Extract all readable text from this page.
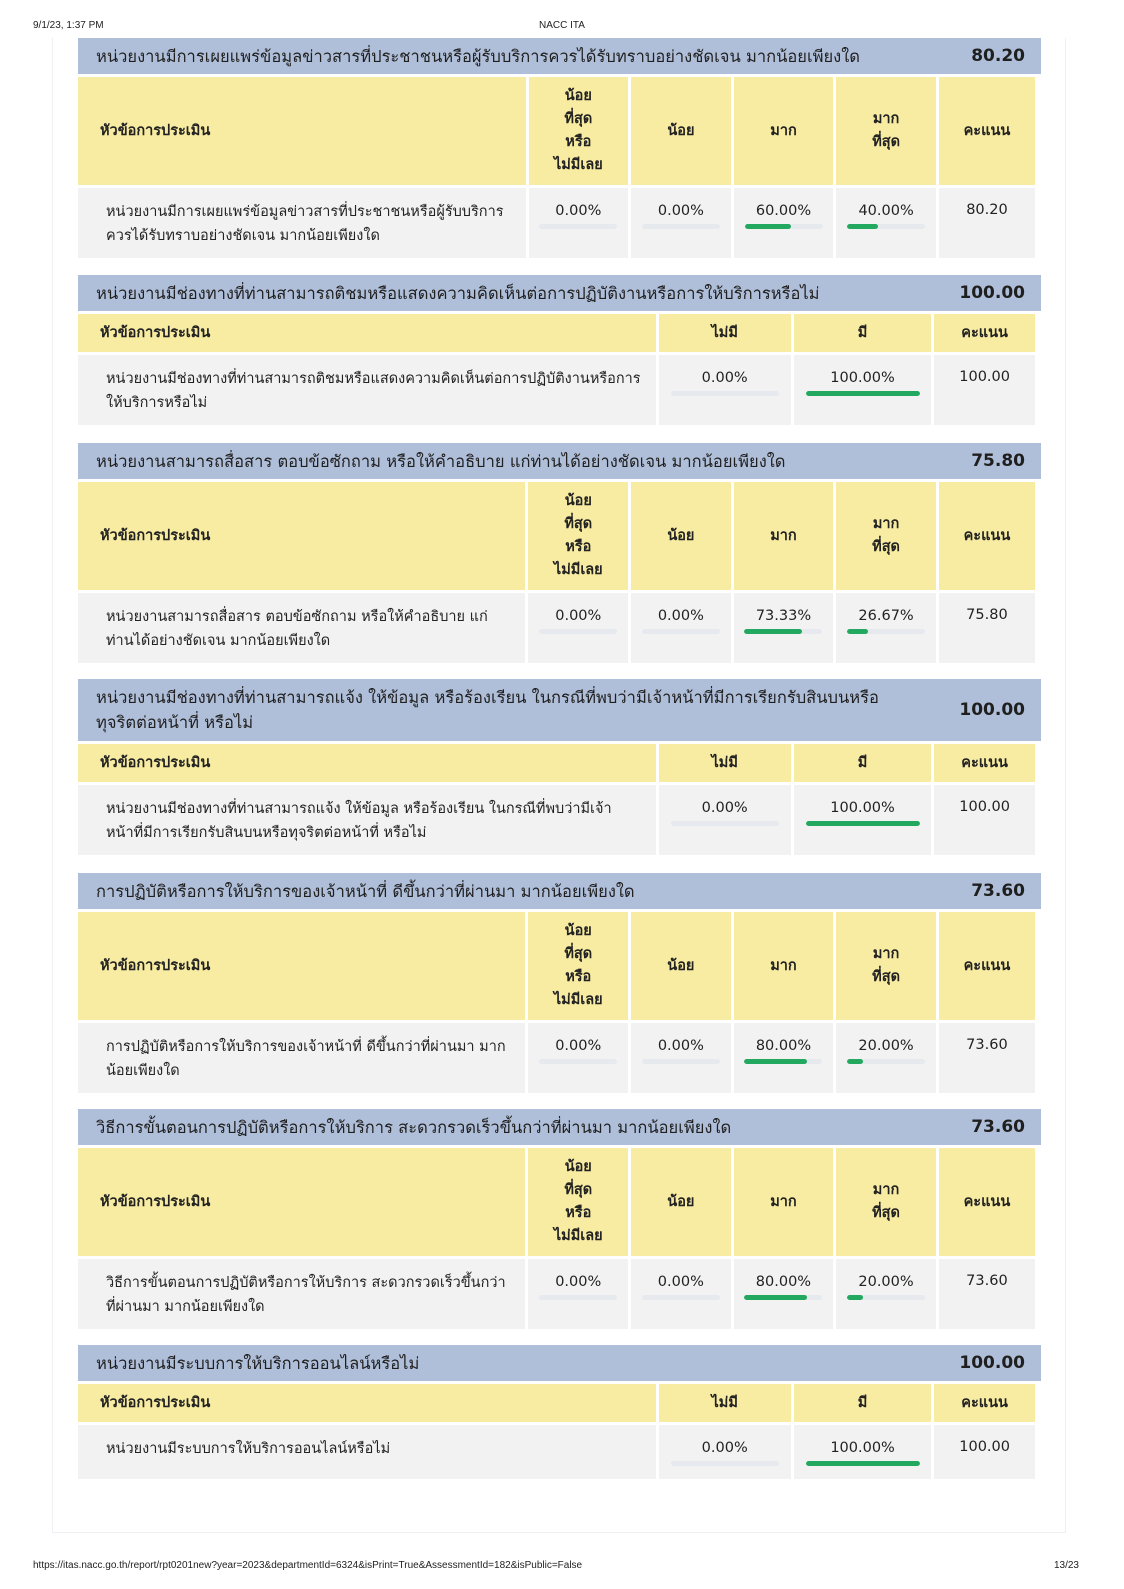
9/1/23, 1:37 PM	NACC ITA
หน่วยงานมีการเผยแพร่ข้อมูลข่าวสารที่ประชาชนหรือผู้รับบริการควรได้รับทราบอย่างชัดเจน มากน้อยเพียงใด	80.20
หัวข้อการประเมิน	น้อย
ที่สุด
หรือ
ไม่มีเลย	น้อย	มาก	มาก
ที่สุด	คะแนน
หน่วยงานมีการเผยแพร่ข้อมูลข่าวสารที่ประชาชนหรือผู้รับบริการควรได้รับทราบอย่างชัดเจน มากน้อยเพียงใด	0.00%	0.00%	60.00%	40.00%	80.20
หน่วยงานมีช่องทางที่ท่านสามารถติชมหรือแสดงความคิดเห็นต่อการปฏิบัติงานหรือการให้บริการหรือไม่	100.00
หัวข้อการประเมิน	ไม่มี	มี	คะแนน
หน่วยงานมีช่องทางที่ท่านสามารถติชมหรือแสดงความคิดเห็นต่อการปฏิบัติงานหรือการให้บริการหรือไม่	0.00%	100.00%	100.00
หน่วยงานสามารถสื่อสาร ตอบข้อซักถาม หรือให้คำอธิบาย แก่ท่านได้อย่างชัดเจน มากน้อยเพียงใด	75.80
หัวข้อการประเมิน	น้อย
ที่สุด
หรือ
ไม่มีเลย	น้อย	มาก	มาก
ที่สุด	คะแนน
หน่วยงานสามารถสื่อสาร ตอบข้อซักถาม หรือให้คำอธิบาย แก่ท่านได้อย่างชัดเจน มากน้อยเพียงใด	0.00%	0.00%	73.33%	26.67%	75.80
หน่วยงานมีช่องทางที่ท่านสามารถแจ้ง ให้ข้อมูล หรือร้องเรียน ในกรณีที่พบว่ามีเจ้าหน้าที่มีการเรียกรับสินบนหรือทุจริตต่อหน้าที่ หรือไม่
100.00
หัวข้อการประเมิน	ไม่มี	มี	คะแนน
หน่วยงานมีช่องทางที่ท่านสามารถแจ้ง ให้ข้อมูล หรือร้องเรียน ในกรณีที่พบว่ามีเจ้าหน้าที่มีการเรียกรับสินบนหรือทุจริตต่อหน้าที่ หรือไม่	0.00%	100.00%	100.00
การปฏิบัติหรือการให้บริการของเจ้าหน้าที่ ดีขึ้นกว่าที่ผ่านมา มากน้อยเพียงใด	73.60
หัวข้อการประเมิน	น้อย
ที่สุด
หรือ
ไม่มีเลย	น้อย	มาก	มาก
ที่สุด	คะแนน
การปฏิบัติหรือการให้บริการของเจ้าหน้าที่ ดีขึ้นกว่าที่ผ่านมา มากน้อยเพียงใด	0.00%	0.00%	80.00%	20.00%	73.60
วิธีการขั้นตอนการปฏิบัติหรือการให้บริการ สะดวกรวดเร็วขึ้นกว่าที่ผ่านมา มากน้อยเพียงใด	73.60
หัวข้อการประเมิน	น้อย
ที่สุด
หรือ
ไม่มีเลย	น้อย	มาก	มาก
ที่สุด	คะแนน
วิธีการขั้นตอนการปฏิบัติหรือการให้บริการ สะดวกรวดเร็วขึ้นกว่าที่ผ่านมา มากน้อยเพียงใด	0.00%	0.00%	80.00%	20.00%	73.60
หน่วยงานมีระบบการให้บริการออนไลน์หรือไม่	100.00
หัวข้อการประเมิน	ไม่มี	มี	คะแนน
หน่วยงานมีระบบการให้บริการออนไลน์หรือไม่	0.00%	100.00%	100.00
https://itas.nacc.go.th/report/rpt0201new?year=2023&departmentId=6324&isPrint=True&AssessmentId=182&isPublic=False	13/23
